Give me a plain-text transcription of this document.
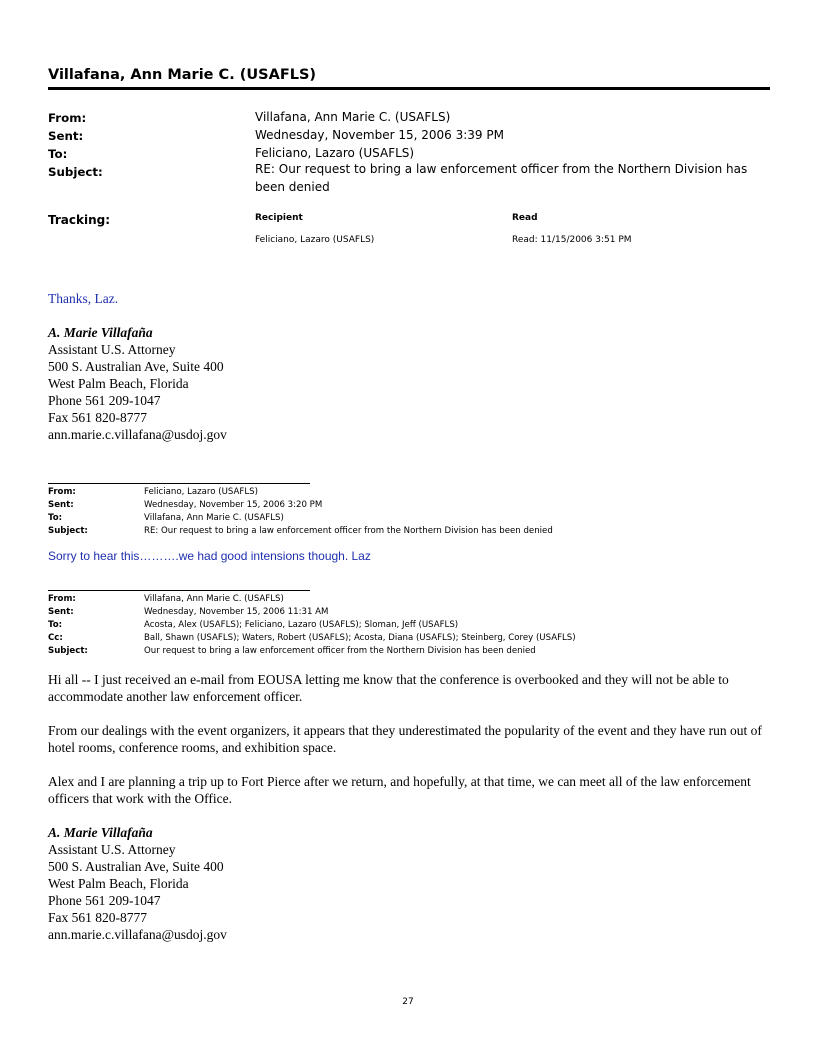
Villafana, Ann Marie C. (USAFLS)
From:	Villafana, Ann Marie C. (USAFLS)
Sent:	Wednesday, November 15, 2006 3:39 PM
To:	Feliciano, Lazaro (USAFLS)
Subject:	RE: Our request to bring a law enforcement officer from the Northern Division has been denied
Tracking:	Recipient	Read
Feliciano, Lazaro (USAFLS)	Read: 11/15/2006 3:51 PM
Thanks, Laz.
A. Marie Villafaña
Assistant U.S. Attorney
500 S. Australian Ave, Suite 400
West Palm Beach, Florida
Phone 561 209-1047
Fax 561 820-8777
ann.marie.c.villafana@usdoj.gov
From:	Feliciano, Lazaro (USAFLS)
Sent:	Wednesday, November 15, 2006 3:20 PM
To:	Villafana, Ann Marie C. (USAFLS)
Subject:	RE: Our request to bring a law enforcement officer from the Northern Division has been denied
Sorry to hear this……….we had good intensions though. Laz
From:	Villafana, Ann Marie C. (USAFLS)
Sent:	Wednesday, November 15, 2006 11:31 AM
To:	Acosta, Alex (USAFLS); Feliciano, Lazaro (USAFLS); Sloman, Jeff (USAFLS)
Cc:	Ball, Shawn (USAFLS); Waters, Robert (USAFLS); Acosta, Diana (USAFLS); Steinberg, Corey (USAFLS)
Subject:	Our request to bring a law enforcement officer from the Northern Division has been denied
Hi all -- I just received an e-mail from EOUSA letting me know that the conference is overbooked and they will not be able to accommodate another law enforcement officer.
From our dealings with the event organizers, it appears that they underestimated the popularity of the event and they have run out of hotel rooms, conference rooms, and exhibition space.
Alex and I are planning a trip up to Fort Pierce after we return, and hopefully, at that time, we can meet all of the law enforcement officers that work with the Office.
A. Marie Villafaña
Assistant U.S. Attorney
500 S. Australian Ave, Suite 400
West Palm Beach, Florida
Phone 561 209-1047
Fax 561 820-8777
ann.marie.c.villafana@usdoj.gov
27
